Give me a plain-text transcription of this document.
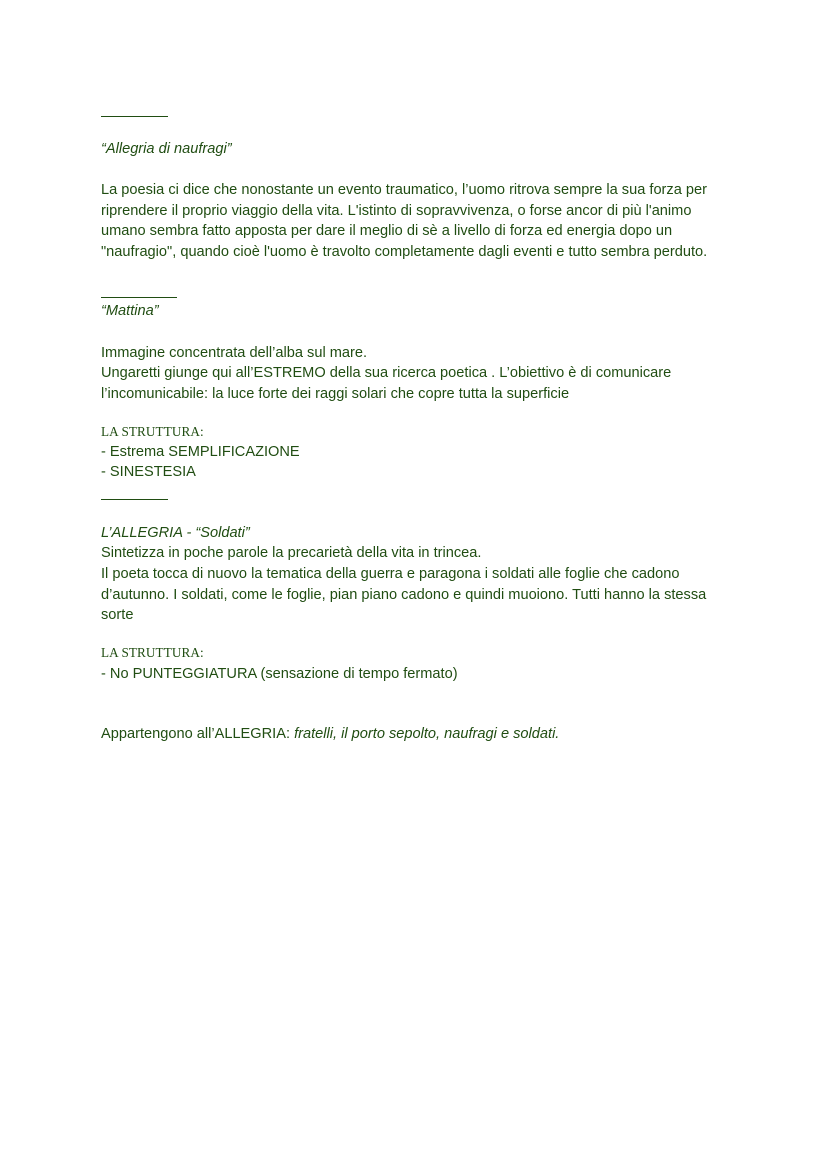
“Allegria di naufragi”

La poesia ci dice che nonostante un evento traumatico, l’uomo ritrova sempre la sua forza per riprendere il proprio viaggio della vita. L'istinto di sopravvivenza, o forse ancor di più l'animo umano sembra fatto apposta per dare il meglio di sè a livello di forza ed energia dopo un "naufragio", quando cioè l'uomo è travolto completamente dagli eventi e tutto sembra perduto.

“Mattina”

Immagine concentrata dell’alba sul mare.

Ungaretti giunge qui all’ESTREMO della sua ricerca poetica . L’obiettivo è di comunicare l’incomunicabile: la luce forte dei raggi solari che copre tutta la superficie

LA STRUTTURA:

- Estrema SEMPLIFICAZIONE

- SINESTESIA

L’ALLEGRIA - “Soldati”

Sintetizza in poche parole la precarietà della vita in trincea.

Il poeta tocca di nuovo la tematica della guerra e paragona i soldati alle foglie che cadono d’autunno. I soldati, come le foglie, pian piano cadono e quindi muoiono. Tutti hanno la stessa sorte

LA STRUTTURA:

- No PUNTEGGIATURA (sensazione di tempo fermato)

Appartengono all’ALLEGRIA: fratelli, il porto sepolto, naufragi e soldati.
